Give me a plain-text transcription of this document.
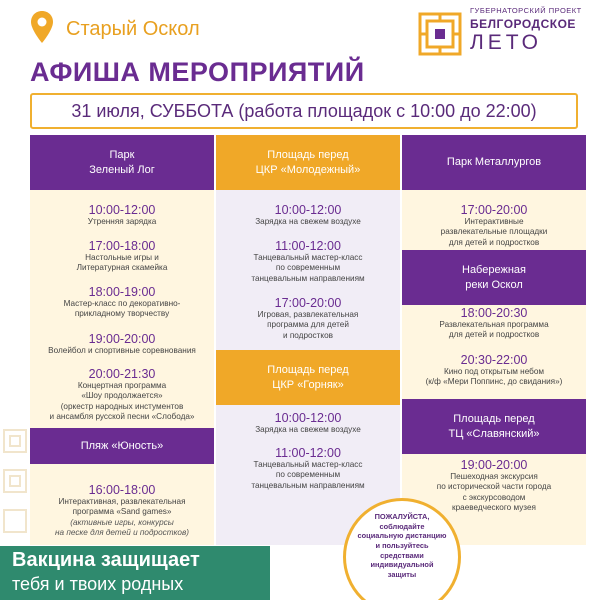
Старый Оскол
ГУБЕРНАТОРСКИЙ ПРОЕКТ
БЕЛГОРОДСКОЕ
ЛЕТО
АФИША МЕРОПРИЯТИЙ
31 июля, СУББОТА (работа площадок с 10:00 до 22:00)
Парк
Зеленый Лог
10:00-12:00
Утренняя зарядка
17:00-18:00
Настольные игры и
Литературная скамейка
18:00-19:00
Мастер-класс по декоративно-
прикладному творчеству
19:00-20:00
Волейбол и спортивные соревнования
20:00-21:30
Концертная программа
«Шоу продолжается»
(оркестр народных инстументов
и ансамбля русской песни «Слобода»
Пляж «Юность»
16:00-18:00
Интерактивная, развлекательная
программа «Sand games»
(активные игры, конкурсы
на песке для детей и подростков)
Площадь перед
ЦКР «Молодежный»
10:00-12:00
Зарядка на свежем воздухе
11:00-12:00
Танцевальный мастер-класс
по современным
танцевальным направлениям
17:00-20:00
Игровая, развлекательная
программа для детей
и подростков
Площадь перед
ЦКР «Горняк»
10:00-12:00
Зарядка на свежем воздухе
11:00-12:00
Танцевальный мастер-класс
по современным
танцевальным направлениям
Парк Металлургов
17:00-20:00
Интерактивные
развлекательные площадки
для детей и подростков
Набережная
реки Оскол
18:00-20:30
Развлекательная программа
для детей и подростков
20:30-22:00
Кино под открытым небом
(к/ф «Мери Поппинс, до свидания»)
Площадь перед
ТЦ «Славянский»
19:00-20:00
Пешеходная экскурсия
по исторической части города
с экскурсоводом
краеведческого музея
Вакцина защищает
тебя и твоих родных
ПОЖАЛУЙСТА,
соблюдайте
социальную дистанцию
и пользуйтесь
средствами
индивидуальной
защиты
